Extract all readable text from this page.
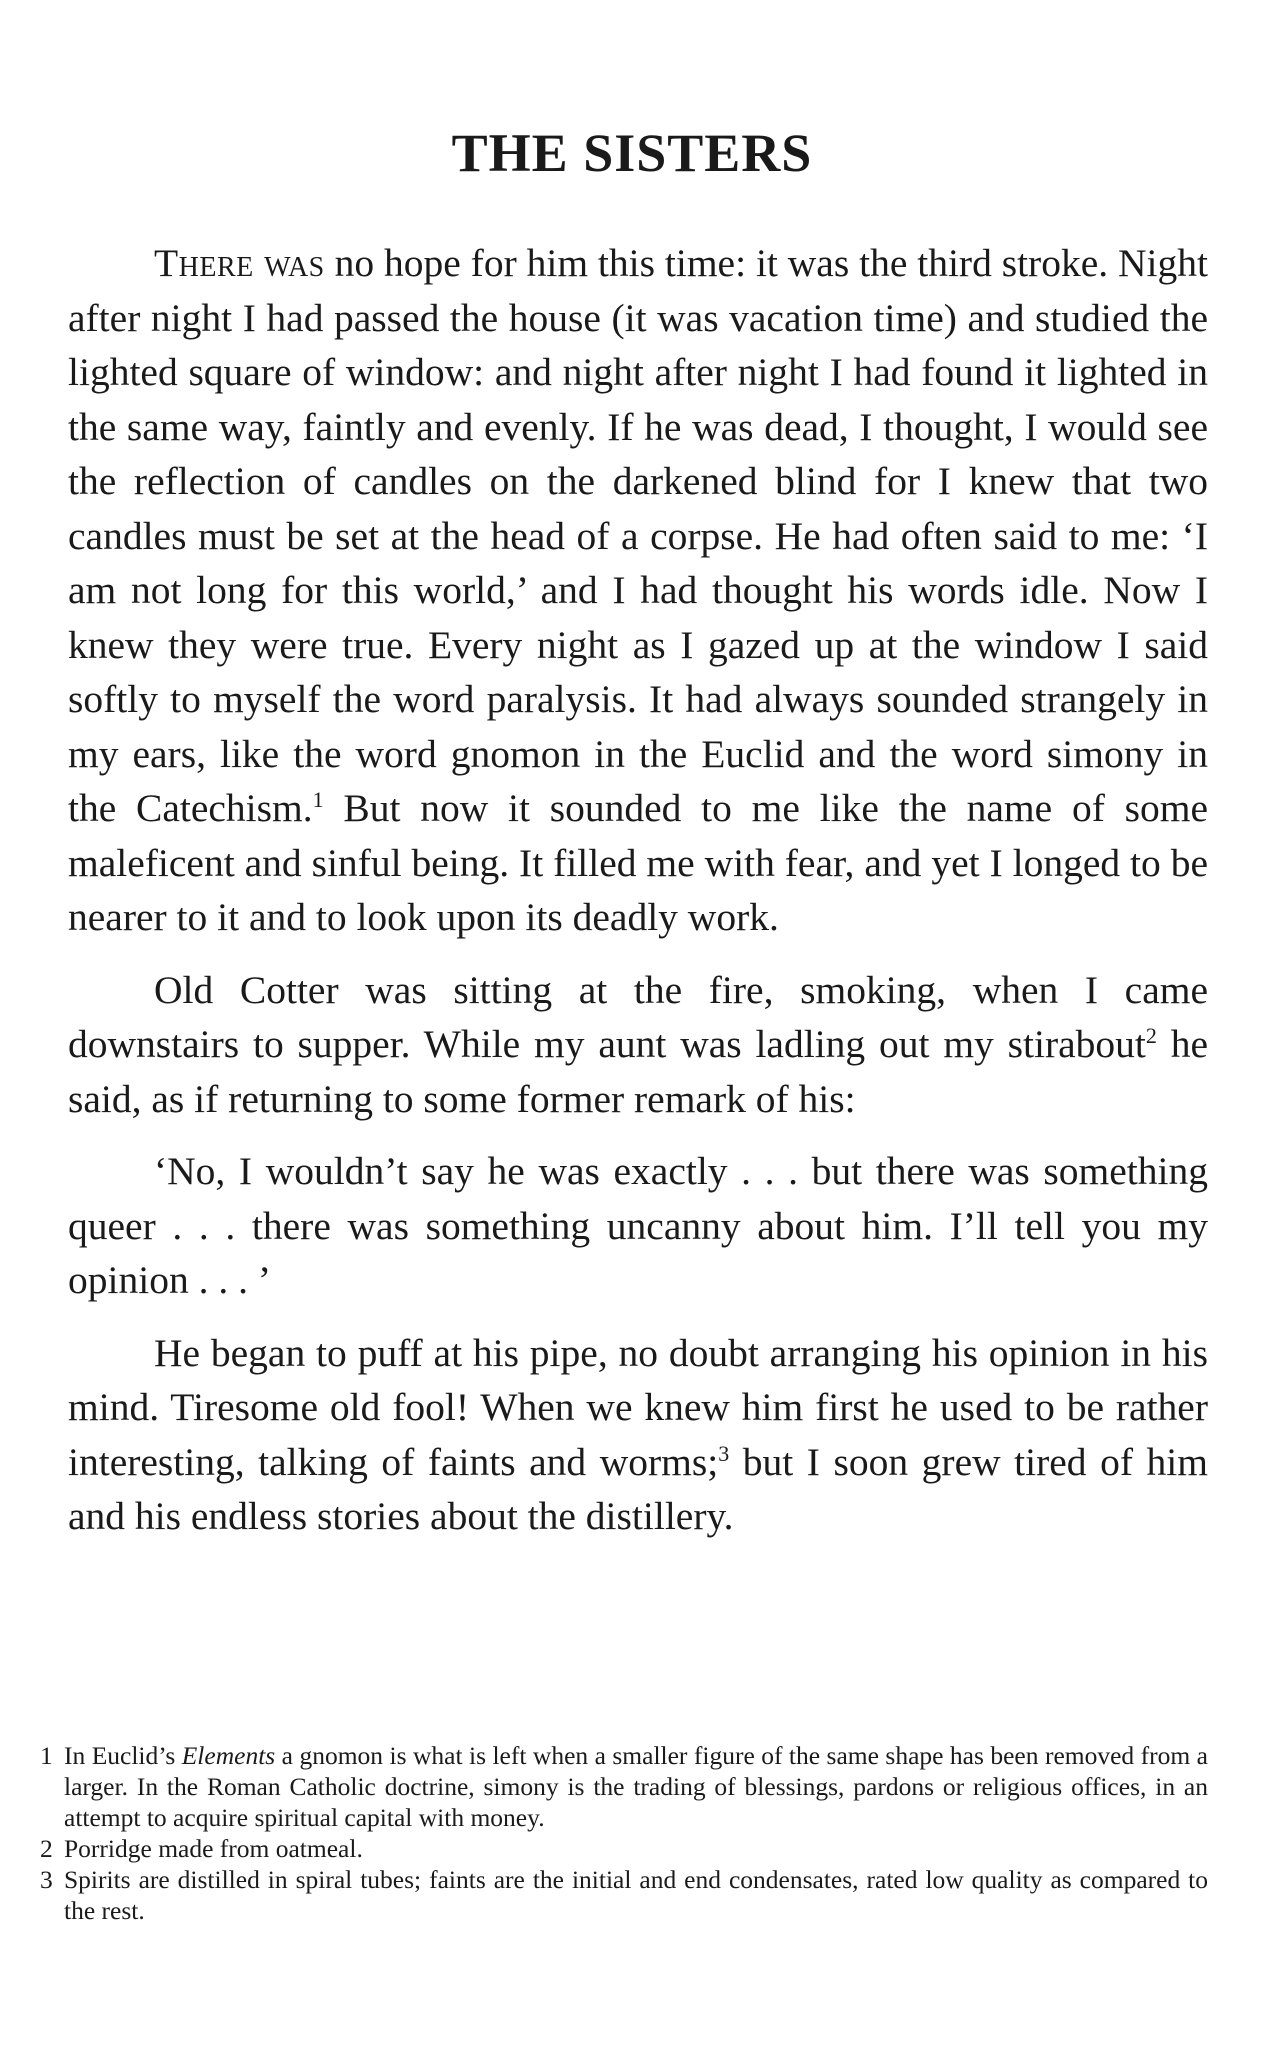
THE SISTERS

There was no hope for him this time: it was the third stroke. Night after night I had passed the house (it was vacation time) and studied the lighted square of window: and night after night I had found it lighted in the same way, faintly and evenly. If he was dead, I thought, I would see the reflection of candles on the darkened blind for I knew that two candles must be set at the head of a corpse. He had often said to me: ‘I am not long for this world,’ and I had thought his words idle. Now I knew they were true. Every night as I gazed up at the window I said softly to myself the word paralysis. It had always sounded strangely in my ears, like the word gnomon in the Euclid and the word simony in the Catechism.$^1$ But now it sounded to me like the name of some maleficent and sinful being. It filled me with fear, and yet I longed to be nearer to it and to look upon its deadly work.

Old Cotter was sitting at the fire, smoking, when I came downstairs to supper. While my aunt was ladling out my stirabout$^2$ he said, as if returning to some former remark of his:

‘No, I wouldn’t say he was exactly . . . but there was something queer . . . there was something uncanny about him. I’ll tell you my opinion . . . ’

He began to puff at his pipe, no doubt arranging his opinion in his mind. Tiresome old fool! When we knew him first he used to be rather interesting, talking of faints and worms;$^3$ but I soon grew tired of him and his endless stories about the distillery.

1 In Euclid’s Elements a gnomon is what is left when a smaller figure of the same shape has been removed from a larger. In the Roman Catholic doctrine, simony is the trading of blessings, pardons or religious offices, in an attempt to acquire spiritual capital with money.

2 Porridge made from oatmeal.

3 Spirits are distilled in spiral tubes; faints are the initial and end condensates, rated low quality as compared to the rest.
